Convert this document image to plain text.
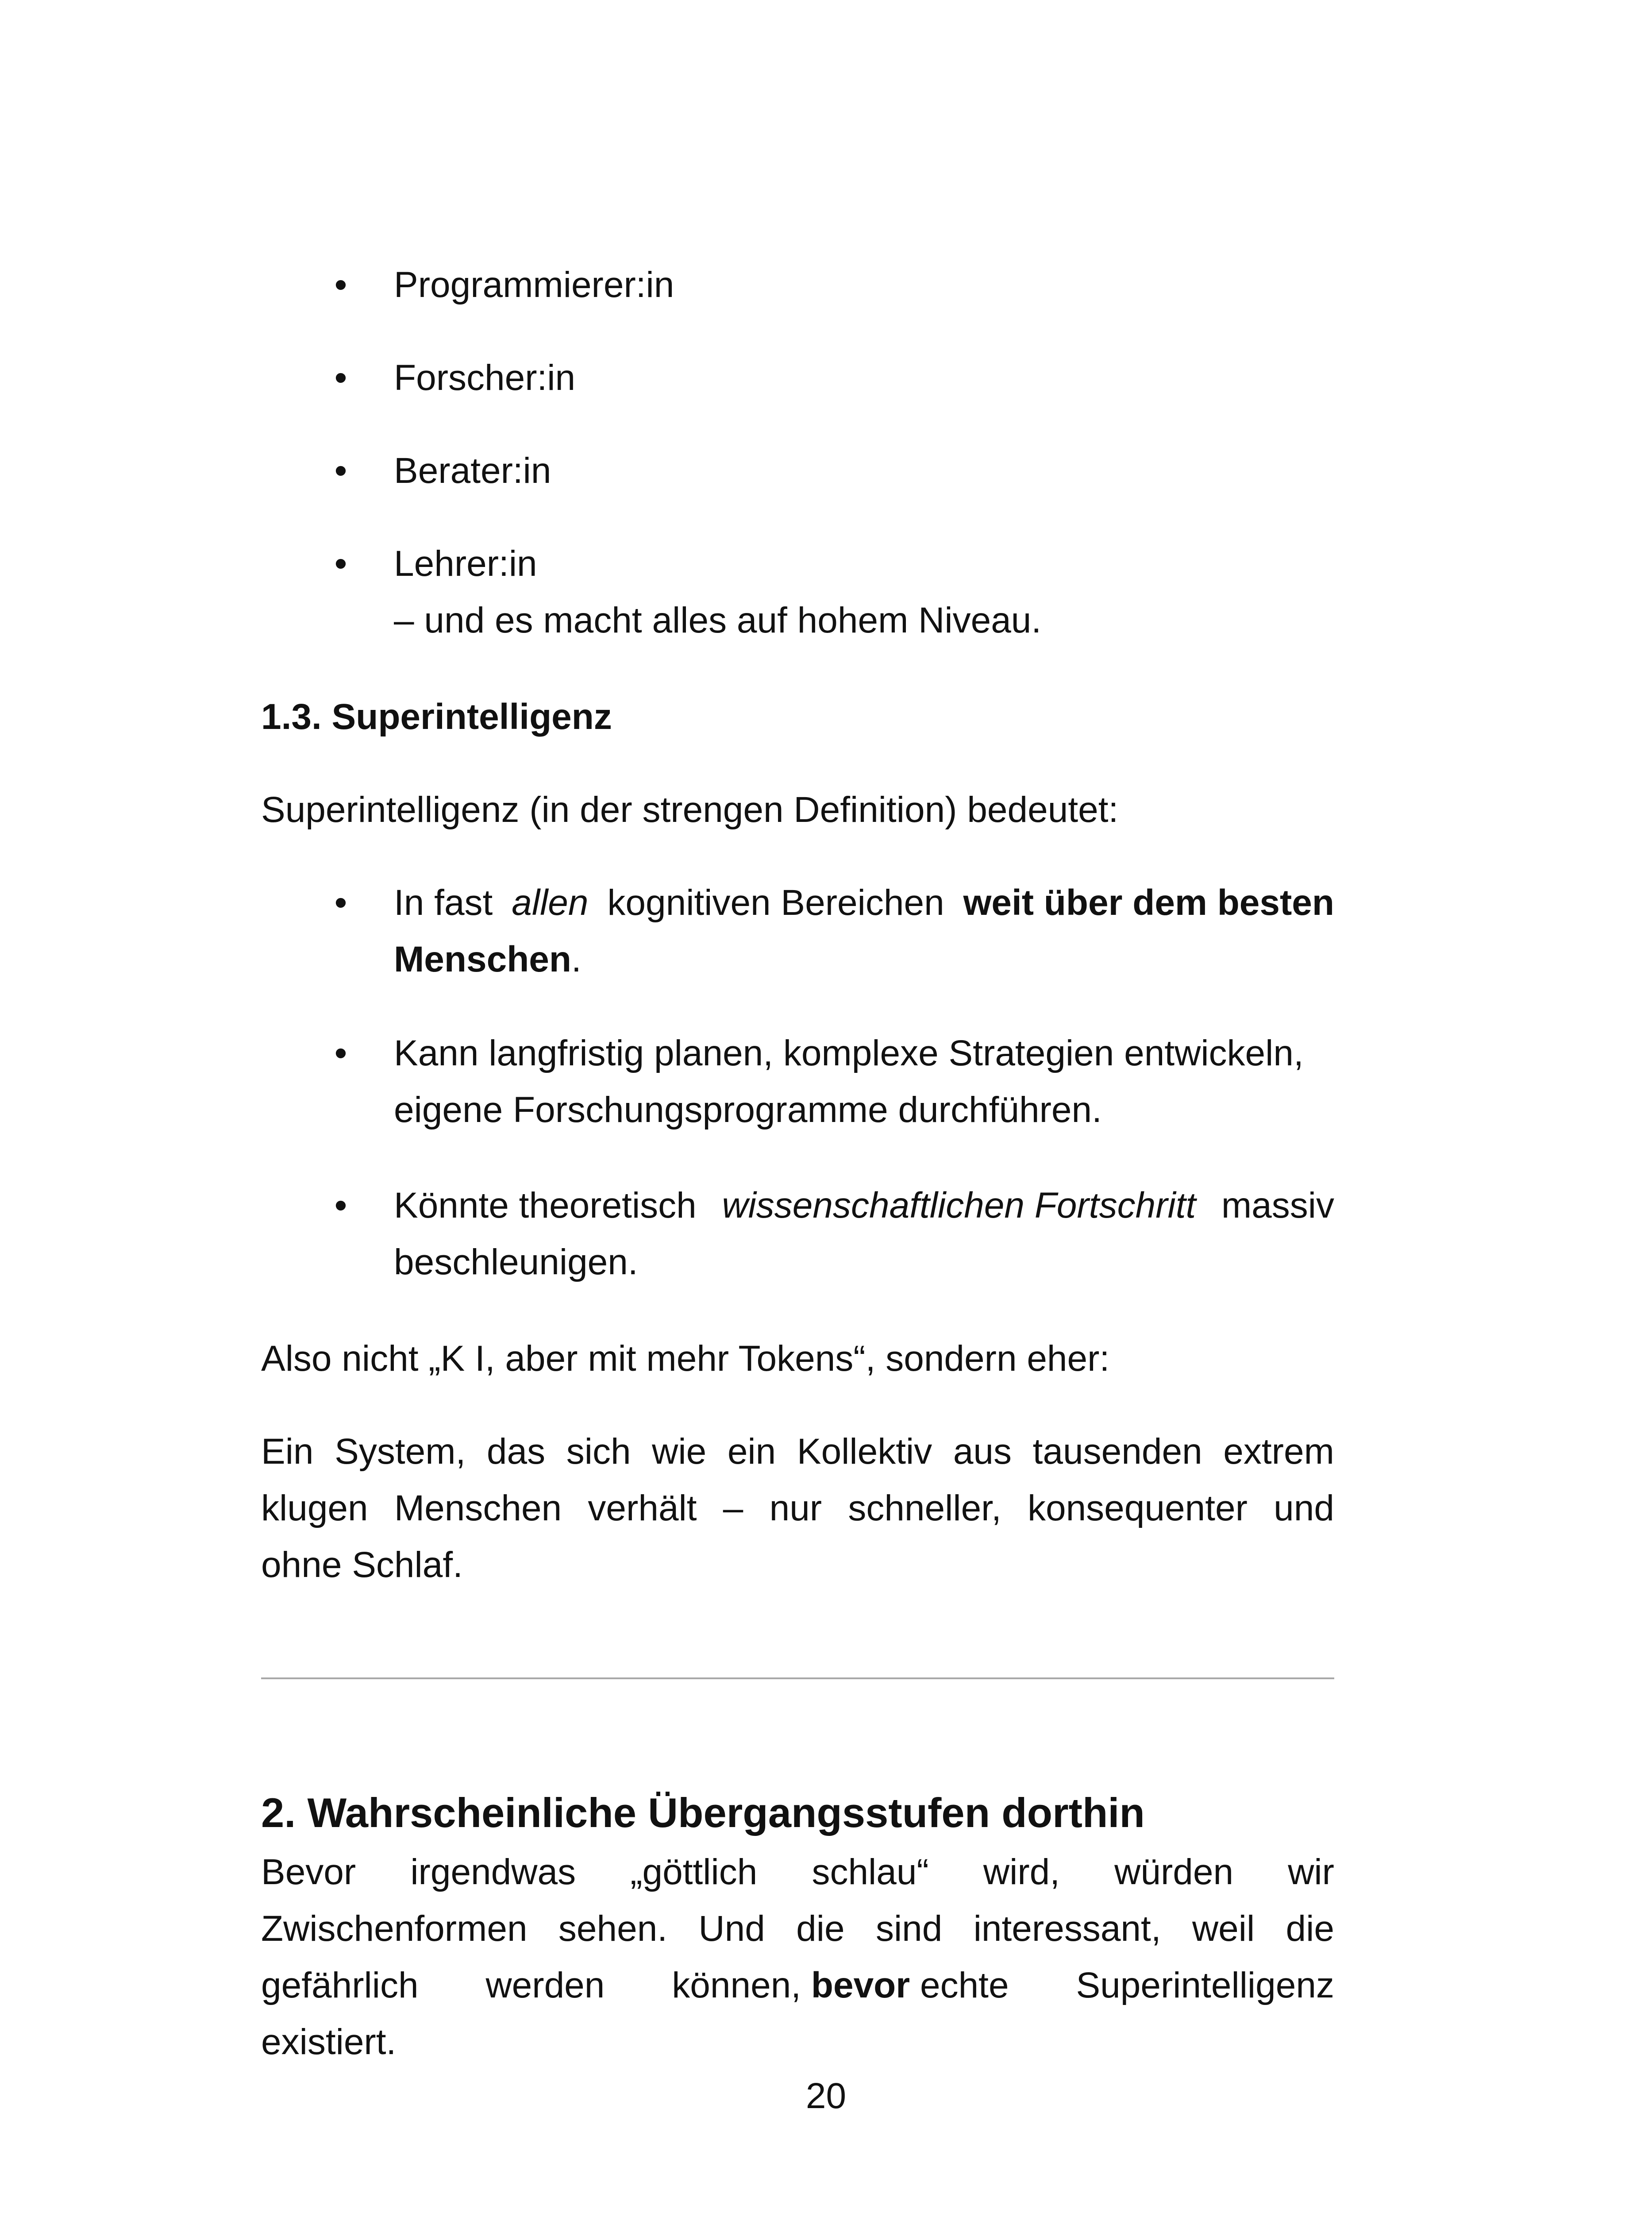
• Programmierer:in
• Forscher:in
• Berater:in
• Lehrer:in
– und es macht alles auf hohem Niveau.
1.3. Superintelligenz
Superintelligenz (in der strengen Definition) bedeutet:
• In fast allen kognitiven Bereichen weit über dem besten
Menschen.
• Kann langfristig planen, komplexe Strategien entwickeln,
eigene Forschungsprogramme durchführen.
• Könnte theoretisch wissenschaftlichen Fortschritt massiv
beschleunigen.
Also nicht „K I, aber mit mehr Tokens“, sondern eher:
Ein System, das sich wie ein Kollektiv aus tausenden extrem
klugen Menschen verhält – nur schneller, konsequenter und
ohne Schlaf.
2. Wahrscheinliche Übergangsstufen dorthin
Bevor irgendwas „göttlich schlau“ wird, würden wir
Zwischenformen sehen. Und die sind interessant, weil die
gefährlich werden können, bevor echte Superintelligenz
existiert.
20
